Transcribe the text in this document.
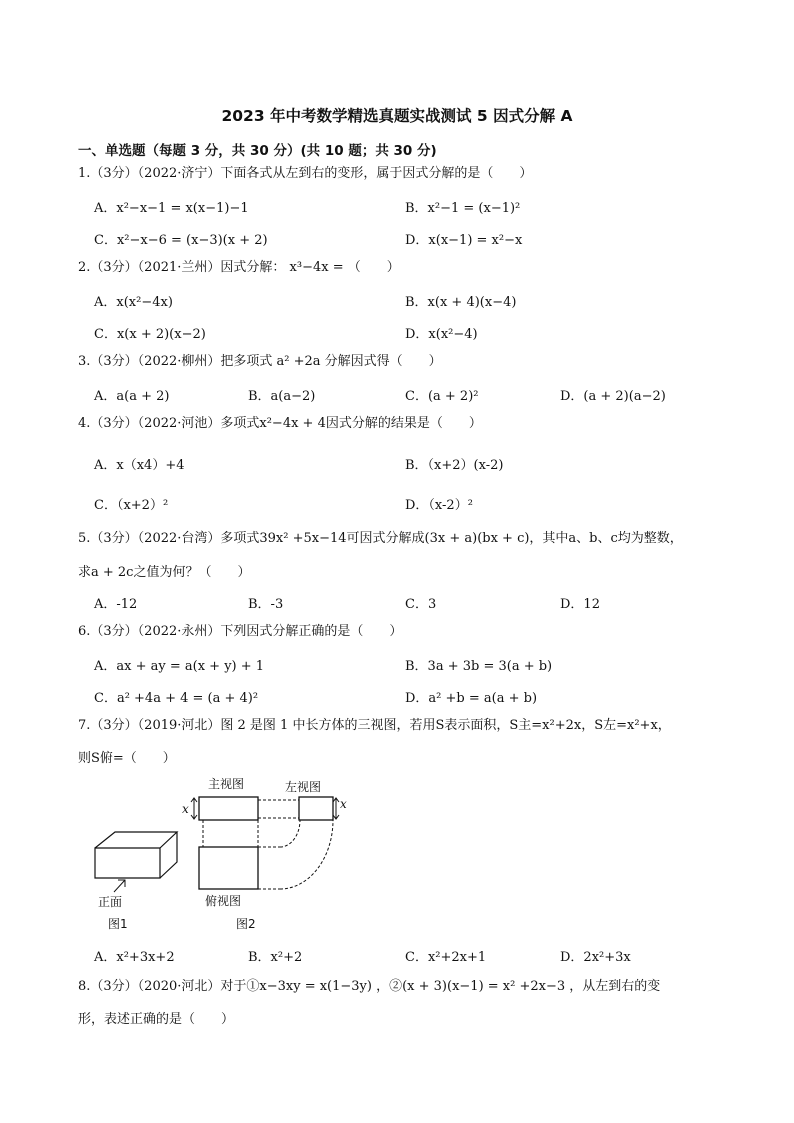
2023 年中考数学精选真题实战测试 5 因式分解 A
一、单选题（每题 3 分，共 30 分）(共 10 题；共 30 分)
1.（3分）（2022·济宁）下面各式从左到右的变形，属于因式分解的是（　　）
A．x²−x−1 = x(x−1)−1	B．x²−1 = (x−1)²
C．x²−x−6 = (x−3)(x + 2)	D．x(x−1) = x²−x
2.（3分）（2021·兰州）因式分解： x³−4x = （　　）
A．x(x²−4x)	B．x(x + 4)(x−4)
C．x(x + 2)(x−2)	D．x(x²−4)
3.（3分）（2022·柳州）把多项式 a² +2a 分解因式得（　　）
A．a(a + 2)	B．a(a−2)	C．(a + 2)²	D．(a + 2)(a−2)
4.（3分）（2022·河池）多项式x²−4x + 4因式分解的结果是（　　）
A．x（x4）+4	B．（x+2）(x-2)
C．（x+2）²	D．（x-2）²
5.（3分）（2022·台湾）多项式39x² +5x−14可因式分解成(3x + a)(bx + c)，其中a、b、c均为整数，
求a + 2c之值为何？（　　）
A．-12	B．-3	C．3	D．12
6.（3分）（2022·永州）下列因式分解正确的是（　　）
A．ax + ay = a(x + y) + 1	B．3a + 3b = 3(a + b)
C．a² +4a + 4 = (a + 4)²	D．a² +b = a(a + b)
7.（3分）（2019·河北）图 2 是图 1 中长方体的三视图，若用S表示面积，S主=x²+2x，S左=x²+x，
则S俯=（　　）
正面
图1
主视图	左视图
x	x
俯视图
图2
A．x²+3x+2	B．x²+2	C．x²+2x+1	D．2x²+3x
8.（3分）（2020·河北）对于①x−3xy = x(1−3y) ，②(x + 3)(x−1) = x² +2x−3 ，从左到右的变
形，表述正确的是（　　）
